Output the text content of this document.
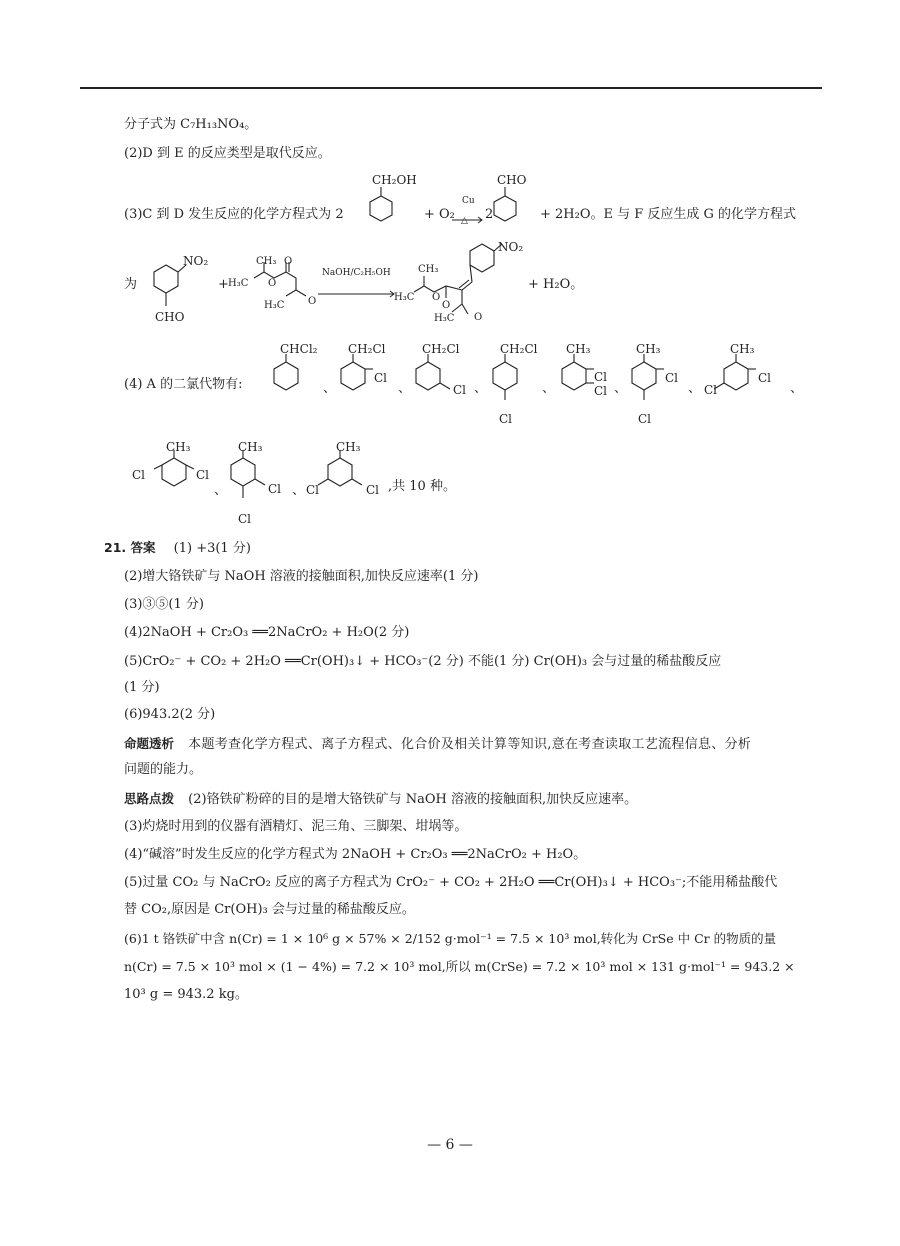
分子式为 C₇H₁₃NO₄。
(2)D 到 E 的反应类型是取代反应。
(3)C 到 D 发生反应的化学方程式为 2
CH₂OH
+ O₂
Cu
△ 2
CHO
+ 2H₂O。E 与 F 反应生成 G 的化学方程式
为
NO₂
CHO
+
CH₃
H₃C O
O
O
H₃C
NaOH/C₂H₅OH
NO₂
CH₃
H₃C O
O
H₃C O
+ H₂O。
(4) A 的二氯代物有:
CHCl₂
、
CH₂Cl
Cl
、
CH₂Cl
Cl 、
CH₂Cl
Cl
、
CH₃
Cl
Cl 、
CH₃
Cl
Cl
、
CH₃
Cl
Cl	、
CH₃
Cl	Cl
、
CH₃
Cl
Cl
、
CH₃
Cl	Cl ,共 10 种。
21. 答案 (1) +3(1 分)
(2)增大铬铁矿与 NaOH 溶液的接触面积,加快反应速率(1 分)
(3)③⑤(1 分)
(4)2NaOH + Cr₂O₃ ══2NaCrO₂ + H₂O(2 分)
(5)CrO₂⁻ + CO₂ + 2H₂O ══Cr(OH)₃↓ + HCO₃⁻(2 分) 不能(1 分) Cr(OH)₃ 会与过量的稀盐酸反应
(1 分)
(6)943.2(2 分)
命题透析 本题考查化学方程式、离子方程式、化合价及相关计算等知识,意在考查读取工艺流程信息、分析
问题的能力。
思路点拨 (2)铬铁矿粉碎的目的是增大铬铁矿与 NaOH 溶液的接触面积,加快反应速率。
(3)灼烧时用到的仪器有酒精灯、泥三角、三脚架、坩埚等。
(4)“碱溶”时发生反应的化学方程式为 2NaOH + Cr₂O₃ ══2NaCrO₂ + H₂O。
(5)过量 CO₂ 与 NaCrO₂ 反应的离子方程式为 CrO₂⁻ + CO₂ + 2H₂O ══Cr(OH)₃↓ + HCO₃⁻;不能用稀盐酸代
替 CO₂,原因是 Cr(OH)₃ 会与过量的稀盐酸反应。
(6)1 t 铬铁矿中含 n(Cr) = 1 × 10⁶ g × 57% × 2/152 g·mol⁻¹ = 7.5 × 10³ mol,转化为 CrSe 中 Cr 的物质的量
n(Cr) = 7.5 × 10³ mol × (1 − 4%) = 7.2 × 10³ mol,所以 m(CrSe) = 7.2 × 10³ mol × 131 g·mol⁻¹ = 943.2 ×
10³ g = 943.2 kg。
— 6 —
